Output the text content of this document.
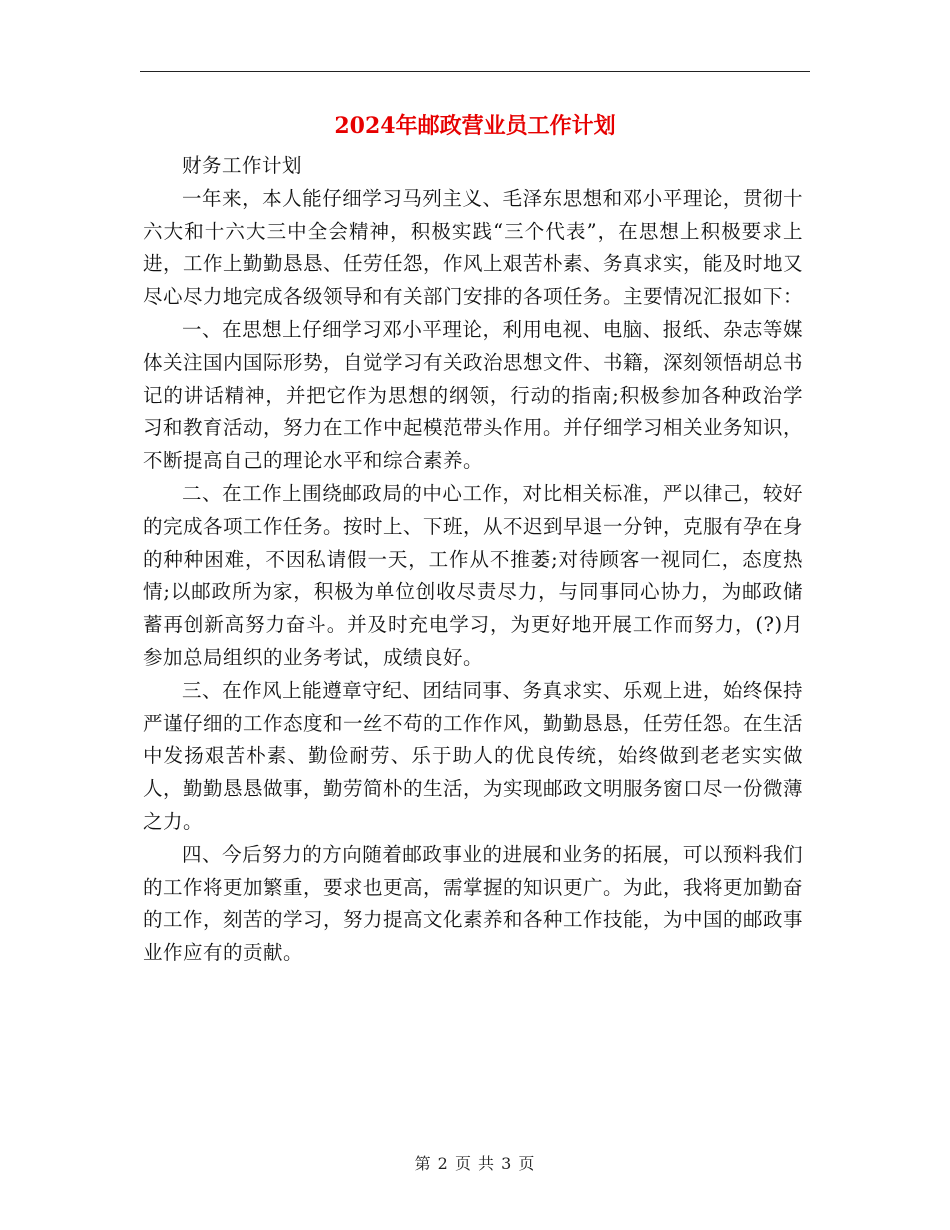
2024年邮政营业员工作计划

财务工作计划

一年来，本人能仔细学习马列主义、毛泽东思想和邓小平理论，贯彻十六大和十六大三中全会精神，积极实践“三个代表”，在思想上积极要求上进，工作上勤勤恳恳、任劳任怨，作风上艰苦朴素、务真求实，能及时地又尽心尽力地完成各级领导和有关部门安排的各项任务。主要情况汇报如下：

一、在思想上仔细学习邓小平理论，利用电视、电脑、报纸、杂志等媒体关注国内国际形势，自觉学习有关政治思想文件、书籍，深刻领悟胡总书记的讲话精神，并把它作为思想的纲领，行动的指南;积极参加各种政治学习和教育活动，努力在工作中起模范带头作用。并仔细学习相关业务知识，不断提高自己的理论水平和综合素养。

二、在工作上围绕邮政局的中心工作，对比相关标准，严以律己，较好的完成各项工作任务。按时上、下班，从不迟到早退一分钟，克服有孕在身的种种困难，不因私请假一天，工作从不推萎;对待顾客一视同仁，态度热情;以邮政所为家，积极为单位创收尽责尽力，与同事同心协力，为邮政储蓄再创新高努力奋斗。并及时充电学习，为更好地开展工作而努力，(?)月参加总局组织的业务考试，成绩良好。

三、在作风上能遵章守纪、团结同事、务真求实、乐观上进，始终保持严谨仔细的工作态度和一丝不苟的工作作风，勤勤恳恳，任劳任怨。在生活中发扬艰苦朴素、勤俭耐劳、乐于助人的优良传统，始终做到老老实实做人，勤勤恳恳做事，勤劳简朴的生活，为实现邮政文明服务窗口尽一份微薄之力。

四、今后努力的方向随着邮政事业的进展和业务的拓展，可以预料我们的工作将更加繁重，要求也更高，需掌握的知识更广。为此，我将更加勤奋的工作，刻苦的学习，努力提高文化素养和各种工作技能，为中国的邮政事业作应有的贡献。

第 2 页 共 3 页
